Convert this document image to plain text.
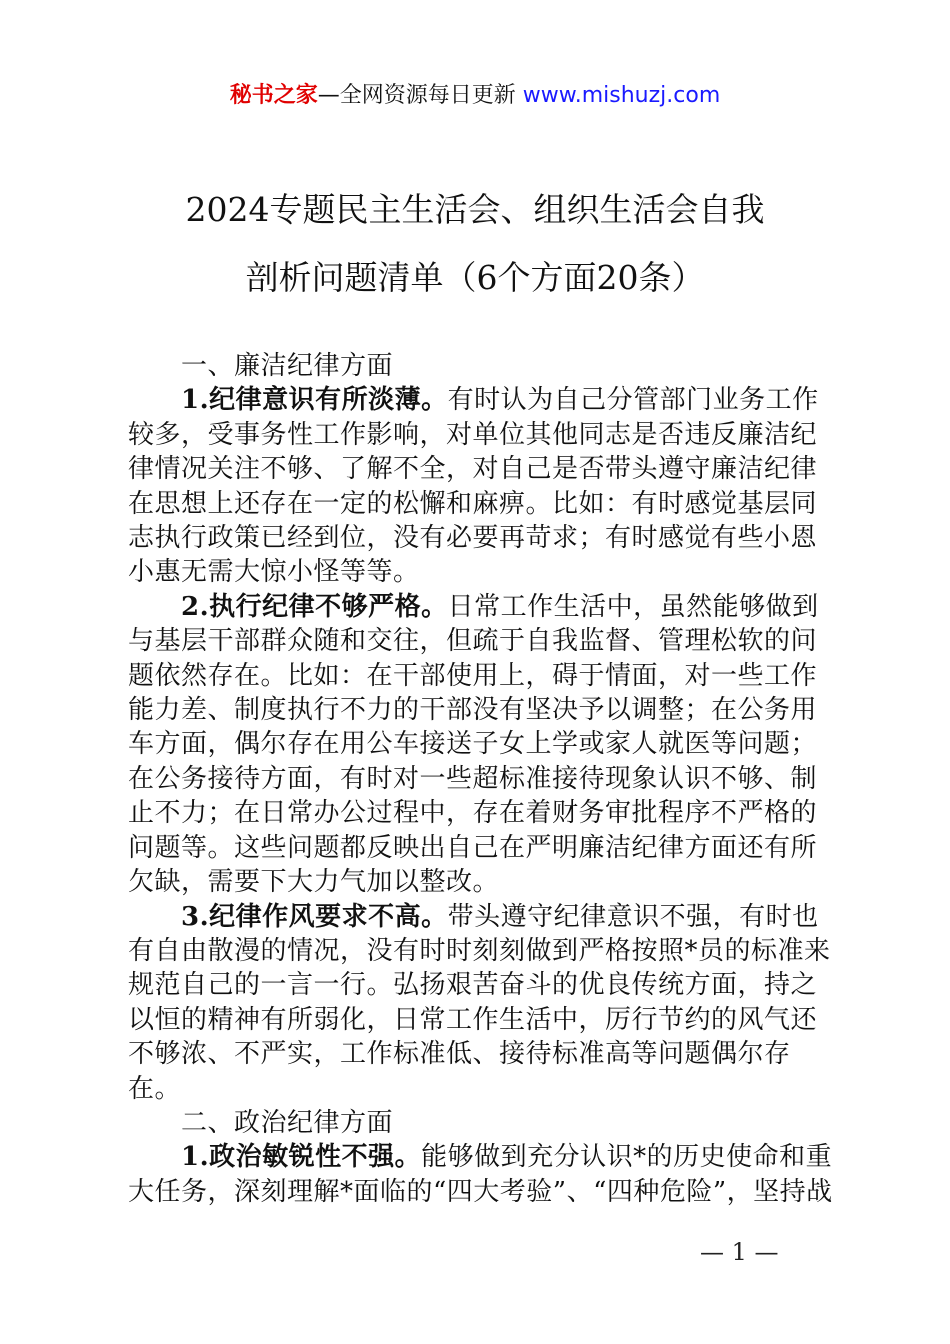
秘书之家—全网资源每日更新 www.mishuzj.com
2024专题民主生活会、组织生活会自我
剖析问题清单（6个方面20条）

一、廉洁纪律方面

1.纪律意识有所淡薄。有时认为自己分管部门业务工作较多，受事务性工作影响，对单位其他同志是否违反廉洁纪律情况关注不够、了解不全，对自己是否带头遵守廉洁纪律在思想上还存在一定的松懈和麻痹。比如：有时感觉基层同志执行政策已经到位，没有必要再苛求；有时感觉有些小恩小惠无需大惊小怪等等。

2.执行纪律不够严格。日常工作生活中，虽然能够做到与基层干部群众随和交往，但疏于自我监督、管理松软的问题依然存在。比如：在干部使用上，碍于情面，对一些工作能力差、制度执行不力的干部没有坚决予以调整；在公务用车方面，偶尔存在用公车接送子女上学或家人就医等问题；在公务接待方面，有时对一些超标准接待现象认识不够、制止不力；在日常办公过程中，存在着财务审批程序不严格的问题等。这些问题都反映出自己在严明廉洁纪律方面还有所欠缺，需要下大力气加以整改。

3.纪律作风要求不高。带头遵守纪律意识不强，有时也有自由散漫的情况，没有时时刻刻做到严格按照*员的标准来规范自己的一言一行。弘扬艰苦奋斗的优良传统方面，持之以恒的精神有所弱化，日常工作生活中，厉行节约的风气还不够浓、不严实，工作标准低、接待标准高等问题偶尔存在。

二、政治纪律方面

1.政治敏锐性不强。能够做到充分认识*的历史使命和重大任务，深刻理解*面临的“四大考验”、“四种危险”，坚持战

— 1 —
